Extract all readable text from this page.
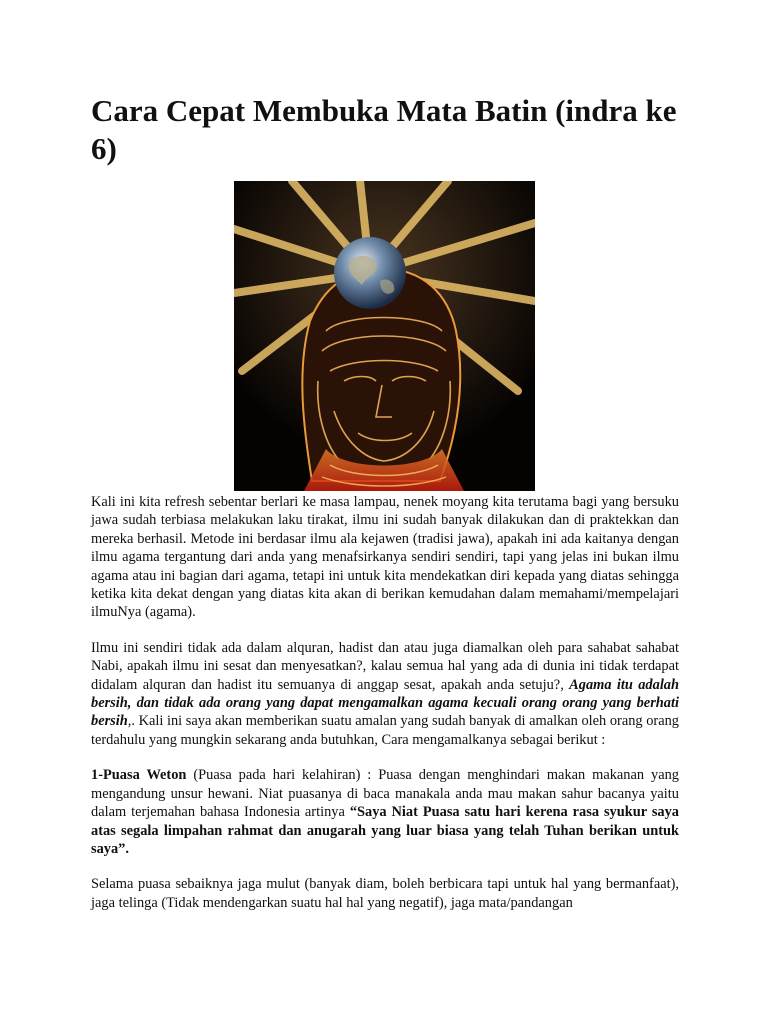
Cara Cepat Membuka Mata Batin (indra ke 6)

Kali ini kita refresh sebentar berlari ke masa lampau, nenek moyang kita terutama bagi yang bersuku jawa sudah terbiasa melakukan laku tirakat, ilmu ini sudah banyak dilakukan dan di praktekkan dan mereka berhasil. Metode ini berdasar ilmu ala kejawen (tradisi jawa), apakah ini ada kaitanya dengan ilmu agama tergantung dari anda yang menafsirkanya sendiri sendiri, tapi yang jelas ini bukan ilmu agama atau ini bagian dari agama, tetapi ini untuk kita mendekatkan diri kepada yang diatas sehingga ketika kita dekat dengan yang diatas kita akan di berikan kemudahan dalam memahami/mempelajari ilmuNya (agama).

Ilmu ini sendiri tidak ada dalam alquran, hadist dan atau juga diamalkan oleh para sahabat sahabat Nabi, apakah ilmu ini sesat dan menyesatkan?, kalau semua hal yang ada di dunia ini tidak terdapat didalam alquran dan hadist itu semuanya di anggap sesat, apakah anda setuju?, Agama itu adalah bersih, dan tidak ada orang yang dapat mengamalkan agama kecuali orang orang yang berhati bersih,. Kali ini saya akan memberikan suatu amalan yang sudah banyak di amalkan oleh orang orang terdahulu yang mungkin sekarang anda butuhkan, Cara mengamalkanya sebagai berikut :

1-Puasa Weton (Puasa pada hari kelahiran) : Puasa dengan menghindari makan makanan yang mengandung unsur hewani. Niat puasanya di baca manakala anda mau makan sahur bacanya yaitu dalam terjemahan bahasa Indonesia artinya “Saya Niat Puasa satu hari kerena rasa syukur saya atas segala limpahan rahmat dan anugarah yang luar biasa yang telah Tuhan berikan untuk saya”.

Selama puasa sebaiknya jaga mulut (banyak diam, boleh berbicara tapi untuk hal yang bermanfaat), jaga telinga (Tidak mendengarkan suatu hal hal yang negatif), jaga mata/pandangan
